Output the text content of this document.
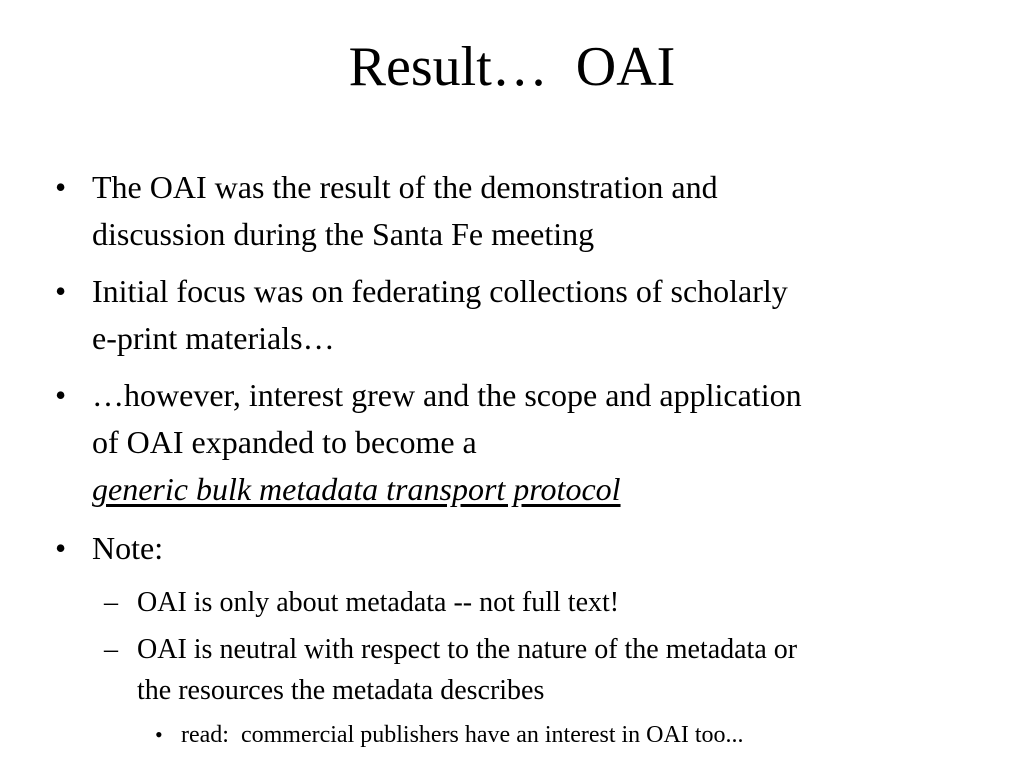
Result…  OAI
• The OAI was the result of the demonstration and
discussion during the Santa Fe meeting
• Initial focus was on federating collections of scholarly
e-print materials…
• …however, interest grew and the scope and application
of OAI expanded to become a
generic bulk metadata transport protocol
• Note:
– OAI is only about metadata -- not full text!
– OAI is neutral with respect to the nature of the metadata or
the resources the metadata describes
• read:  commercial publishers have an interest in OAI too...
